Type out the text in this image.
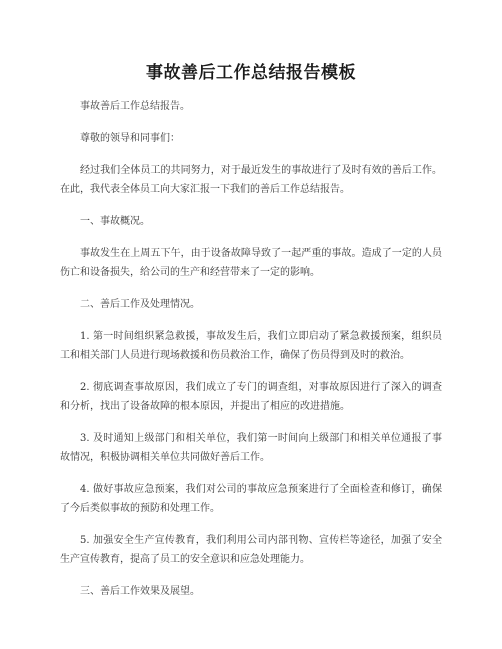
事故善后工作总结报告模板

事故善后工作总结报告。

尊敬的领导和同事们：

经过我们全体员工的共同努力，对于最近发生的事故进行了及时有效的善后工作。在此，我代表全体员工向大家汇报一下我们的善后工作总结报告。

一、事故概况。

事故发生在上周五下午，由于设备故障导致了一起严重的事故。造成了一定的人员伤亡和设备损失，给公司的生产和经营带来了一定的影响。

二、善后工作及处理情况。

1. 第一时间组织紧急救援，事故发生后，我们立即启动了紧急救援预案，组织员工和相关部门人员进行现场救援和伤员救治工作，确保了伤员得到及时的救治。

2. 彻底调查事故原因，我们成立了专门的调查组，对事故原因进行了深入的调查和分析，找出了设备故障的根本原因，并提出了相应的改进措施。

3. 及时通知上级部门和相关单位，我们第一时间向上级部门和相关单位通报了事故情况，积极协调相关单位共同做好善后工作。

4. 做好事故应急预案，我们对公司的事故应急预案进行了全面检查和修订，确保了今后类似事故的预防和处理工作。

5. 加强安全生产宣传教育，我们利用公司内部刊物、宣传栏等途径，加强了安全生产宣传教育，提高了员工的安全意识和应急处理能力。

三、善后工作效果及展望。
